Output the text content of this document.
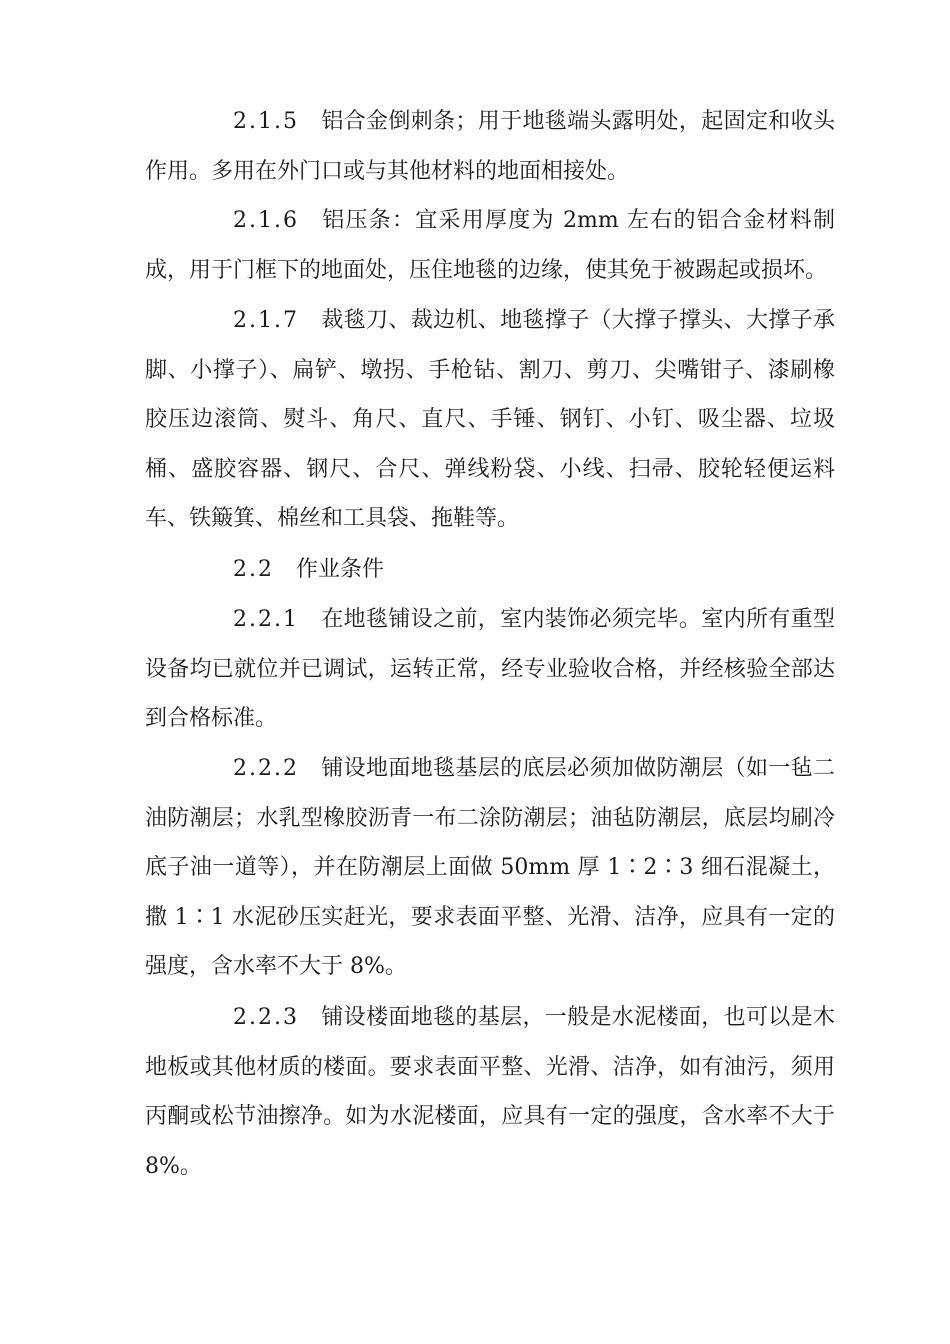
2.1.5 铝合金倒刺条；用于地毯端头露明处，起固定和收头作用。多用在外门口或与其他材料的地面相接处。

2.1.6 铝压条：宜采用厚度为 2mm 左右的铝合金材料制成，用于门框下的地面处，压住地毯的边缘，使其免于被踢起或损坏。

2.1.7 裁毯刀、裁边机、地毯撑子（大撑子撑头、大撑子承脚、小撑子）、扁铲、墩拐、手枪钻、割刀、剪刀、尖嘴钳子、漆刷橡胶压边滚筒、熨斗、角尺、直尺、手锤、钢钉、小钉、吸尘器、垃圾桶、盛胶容器、钢尺、合尺、弹线粉袋、小线、扫帚、胶轮轻便运料车、铁簸箕、棉丝和工具袋、拖鞋等。

2.2 作业条件

2.2.1 在地毯铺设之前，室内装饰必须完毕。室内所有重型设备均已就位并已调试，运转正常，经专业验收合格，并经核验全部达到合格标准。

2.2.2 铺设地面地毯基层的底层必须加做防潮层（如一毡二油防潮层；水乳型橡胶沥青一布二涂防潮层；油毡防潮层，底层均刷冷底子油一道等），并在防潮层上面做 50mm 厚 1∶2∶3 细石混凝土，撒 1∶1 水泥砂压实赶光，要求表面平整、光滑、洁净，应具有一定的强度，含水率不大于 8%。

2.2.3 铺设楼面地毯的基层，一般是水泥楼面，也可以是木地板或其他材质的楼面。要求表面平整、光滑、洁净，如有油污，须用丙酮或松节油擦净。如为水泥楼面，应具有一定的强度，含水率不大于 8%。
